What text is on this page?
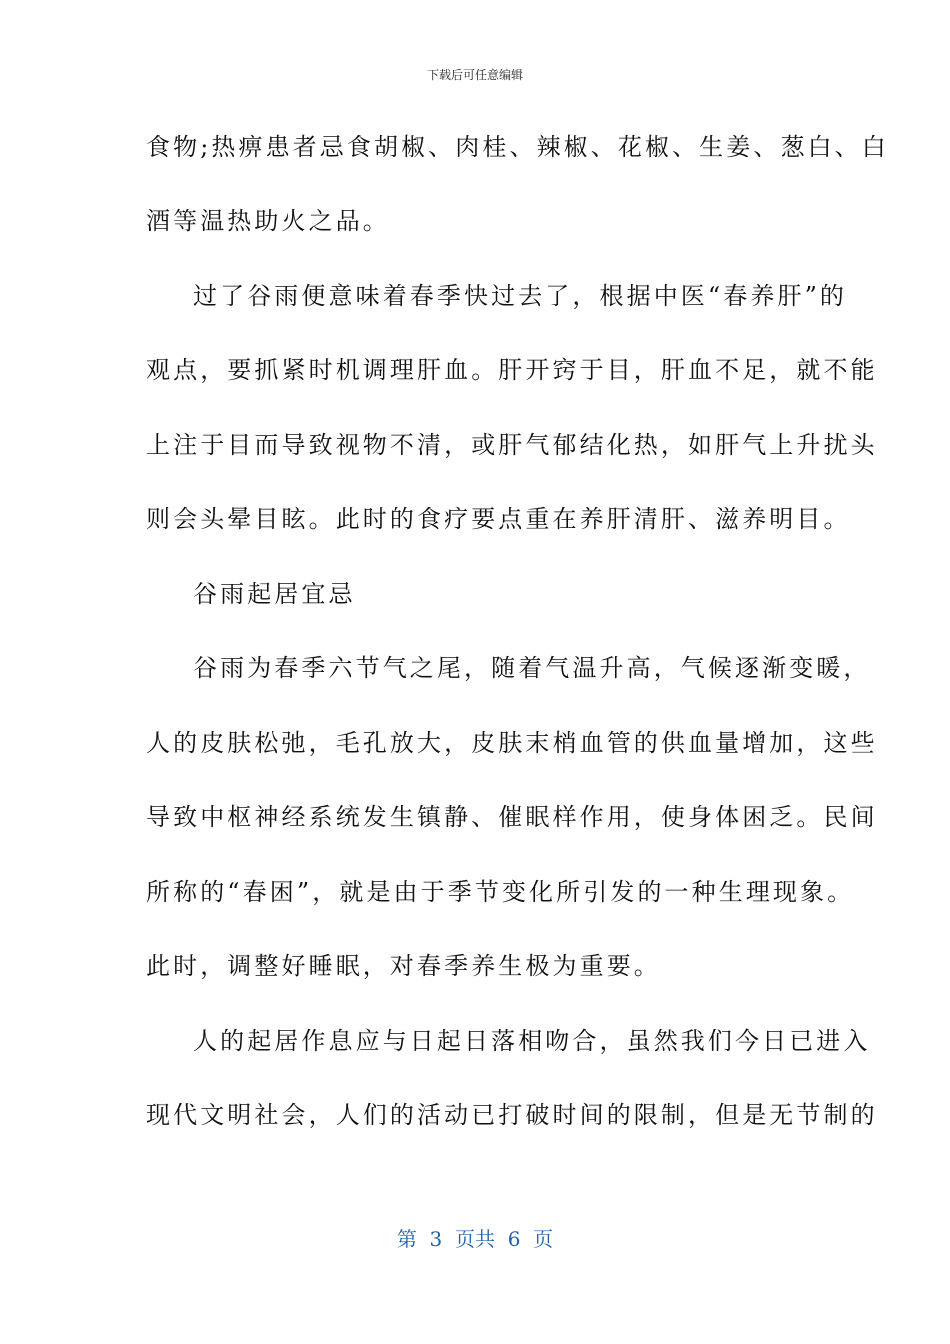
下载后可任意编辑
食物;热痹患者忌食胡椒、肉桂、辣椒、花椒、生姜、葱白、白
酒等温热助火之品。
过了谷雨便意味着春季快过去了，根据中医“春养肝”的
观点，要抓紧时机调理肝血。肝开窍于目，肝血不足，就不能
上注于目而导致视物不清，或肝气郁结化热，如肝气上升扰头
则会头晕目眩。此时的食疗要点重在养肝清肝、滋养明目。
谷雨起居宜忌
谷雨为春季六节气之尾，随着气温升高，气候逐渐变暖，
人的皮肤松弛，毛孔放大，皮肤末梢血管的供血量增加，这些
导致中枢神经系统发生镇静、催眠样作用，使身体困乏。民间
所称的“春困”，就是由于季节变化所引发的一种生理现象。
此时，调整好睡眠，对春季养生极为重要。
人的起居作息应与日起日落相吻合，虽然我们今日已进入
现代文明社会，人们的活动已打破时间的限制，但是无节制的
第  3  页共  6  页
